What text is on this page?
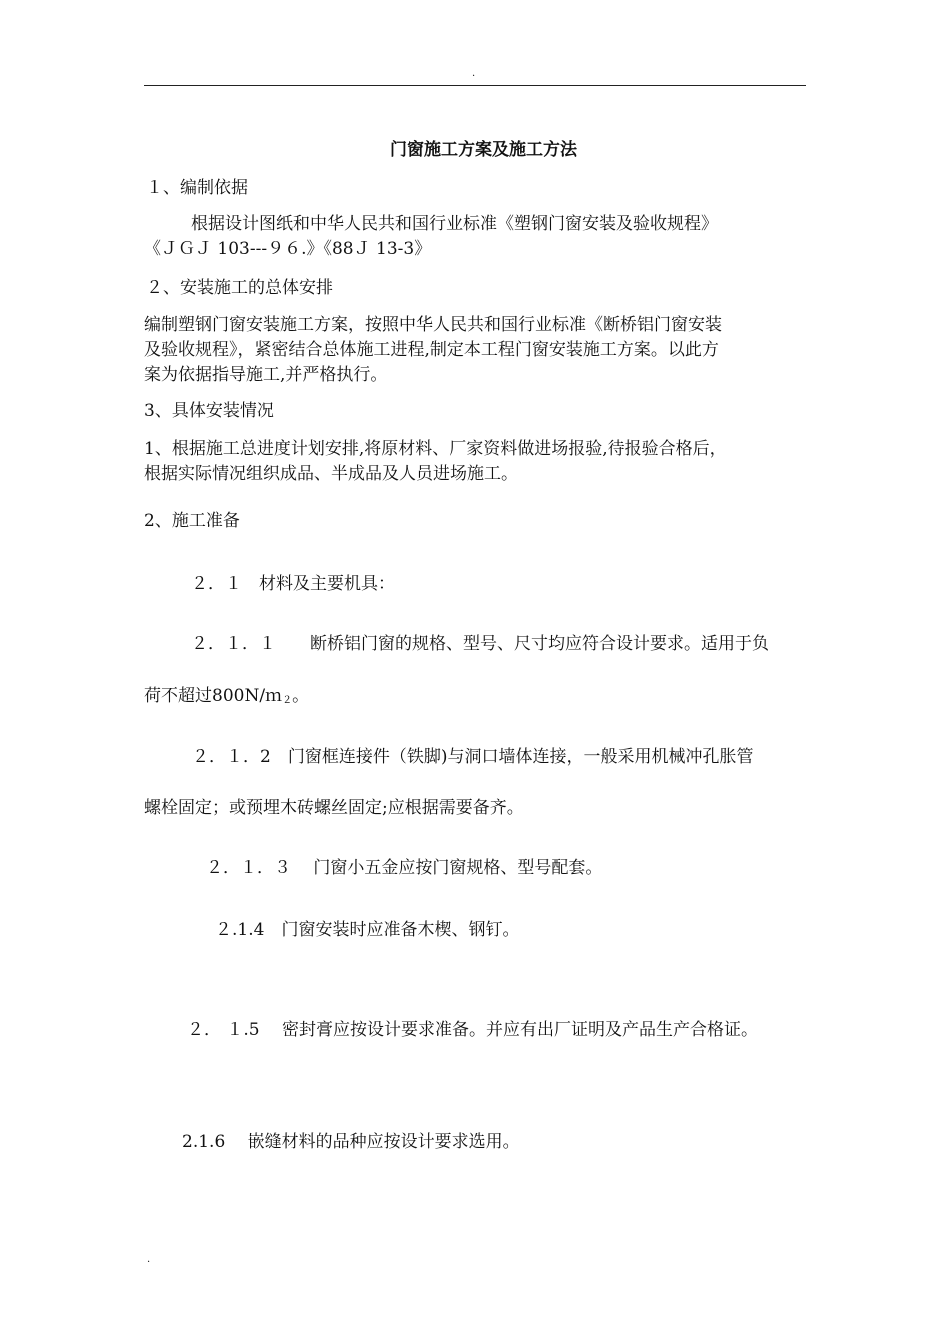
.

门窗施工方案及施工方法

１、编制依据

根据设计图纸和中华人民共和国行业标准《塑钢门窗安装及验收规程》

《ＪＧＪ 103---９６.》《88Ｊ 13-3》

２、安装施工的总体安排

编制塑钢门窗安装施工方案，按照中华人民共和国行业标准《断桥铝门窗安装

及验收规程》，紧密结合总体施工进程,制定本工程门窗安装施工方案。以此方

案为依据指导施工,并严格执行。

3、具体安装情况

1、根据施工总进度计划安排,将原材料、厂家资料做进场报验,待报验合格后，

根据实际情况组织成品、半成品及人员进场施工。

2、施工准备

２．１　材料及主要机具：

２．１．１　　断桥铝门窗的规格、型号、尺寸均应符合设计要求。适用于负

荷不超过800N/ｍ$_2$。

２．１．2　门窗框连接件（铁脚)与洞口墙体连接，一般采用机械冲孔胀管

螺栓固定；或预埋木砖螺丝固定;应根据需要备齐。

２．１．３　 门窗小五金应按门窗规格、型号配套。

２.1.4　门窗安装时应准备木楔、钢钉。

２． １.5　 密封膏应按设计要求准备。并应有出厂证明及产品生产合格证。

2.1.6　 嵌缝材料的品种应按设计要求选用。

.
